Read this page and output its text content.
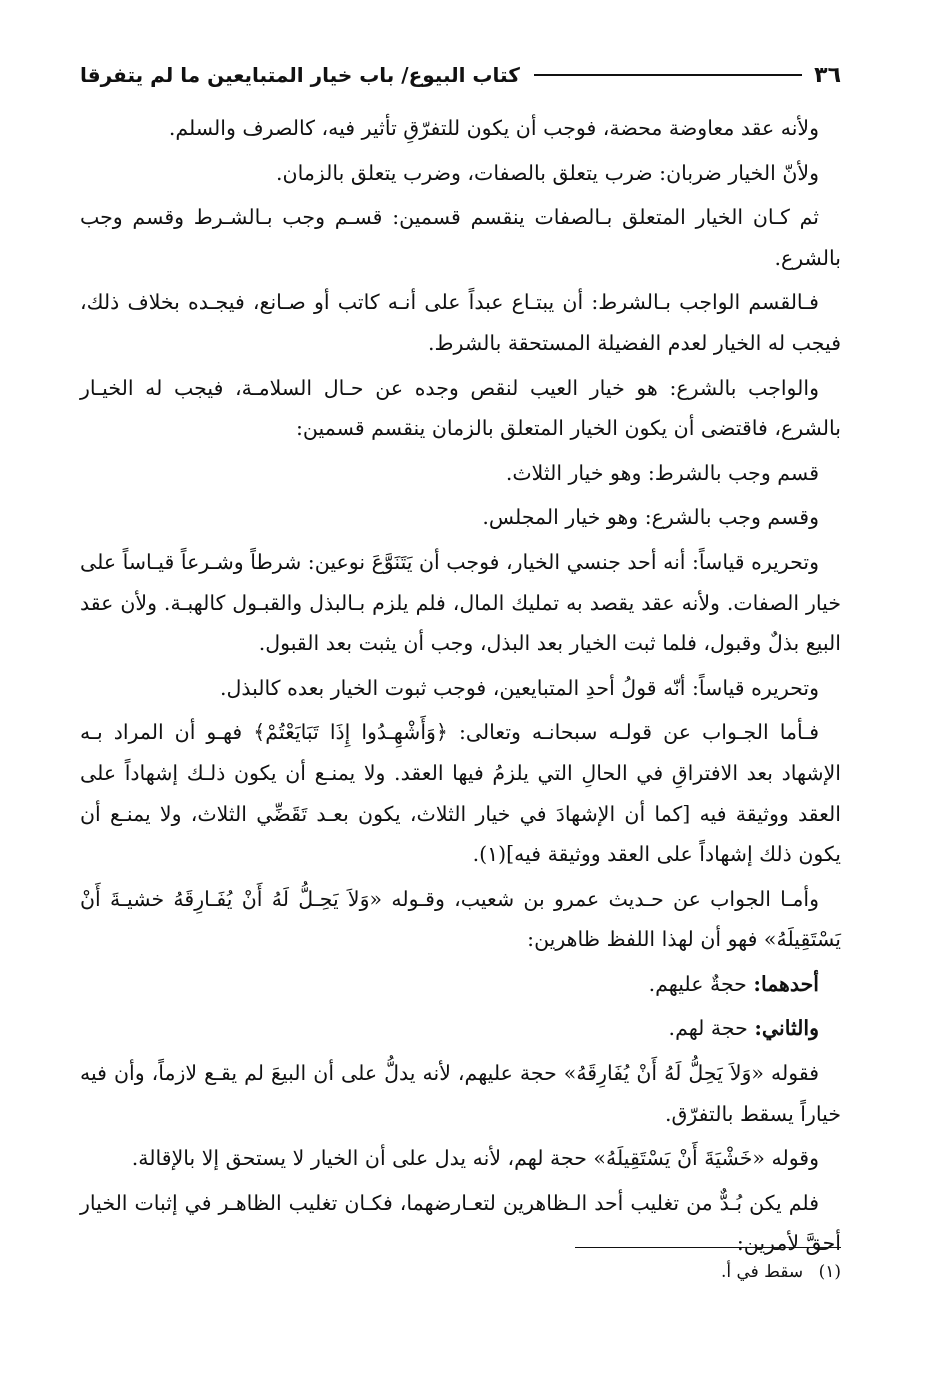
٣٦
كتاب البيوع/ باب خيار المتبايعين ما لم يتفرقا

ولأنه عقد معاوضة محضة، فوجب أن يكون للتفرّقِ تأثير فيه، كالصرف والسلم.

ولأنّ الخيار ضربان: ضرب يتعلق بالصفات، وضرب يتعلق بالزمان.

ثم كـان الخيار المتعلق بـالصفات ينقسم قسمين: قسـم وجب بـالشـرط وقسم وجب بالشرع.

فـالقسم الواجب بـالشرط: أن يبتـاع عبداً على أنـه كاتب أو صـانع، فيجـده بخلاف ذلك، فيجب له الخيار لعدم الفضيلة المستحقة بالشرط.

والواجب بالشرع: هو خيار العيب لنقص وجده عن حـال السلامـة، فيجب له الخيـار بالشرع، فاقتضى أن يكون الخيار المتعلق بالزمان ينقسم قسمين:

قسم وجب بالشرط: وهو خيار الثلاث.

وقسم وجب بالشرع: وهو خيار المجلس.

وتحريره قياساً: أنه أحد جنسي الخيار، فوجب أن يَتَنَوَّعَ نوعين: شرطاً وشـرعاً قيـاساً على خيار الصفات. ولأنه عقد يقصد به تمليك المال، فلم يلزم بـالبذل والقبـول كالهبـة. ولأن عقد البيع بذلٌ وقبول، فلما ثبت الخيار بعد البذل، وجب أن يثبت بعد القبول.

وتحريره قياساً: أنّه قولُ أحدِ المتبايعين، فوجب ثبوت الخيار بعده كالبذل.

فـأما الجـواب عن قولـه سبحانـه وتعالى: ﴿وَأَشْهِـدُوا إِذَا تَبَايَعْتُمْ﴾ فهـو أن المراد بـه الإشهاد بعد الافتراقِ في الحالِ التي يلزمُ فيها العقد. ولا يمنـع أن يكون ذلـك إشهاداً على العقد ووثيقة فيه [كما أن الإشهادَ في خيار الثلاث، يكون بعـد تَقَضِّي الثلاث، ولا يمنـع أن يكون ذلك إشهاداً على العقد ووثيقة فيه](١).

وأمـا الجواب عن حـديث عمرو بن شعيب، وقـوله «وَلاَ يَحِـلُّ لَهُ أَنْ يُفَـارِقَهُ خشيـةَ أَنْ يَسْتَقِيلَهُ» فهو أن لهذا اللفظ ظاهرين:

أحدهما: حجةٌ عليهم.

والثاني: حجة لهم.

فقوله «وَلاَ يَحِلُّ لَهُ أَنْ يُفَارِقَهُ» حجة عليهم، لأنه يدلُّ على أن البيعَ لم يقـع لازماً، وأن فيه خياراً يسقط بالتفرّق.

وقوله «خَشْيَةَ أَنْ يَسْتَقِيلَهُ» حجة لهم، لأنه يدل على أن الخيار لا يستحق إلا بالإقالة.

فلم يكن بُـدٌّ من تغليب أحد الـظاهرين لتعـارضهما، فكـان تغليب الظاهـر في إثبات الخيار أحقَّ لأمرين:

(١) سقط في أ.
